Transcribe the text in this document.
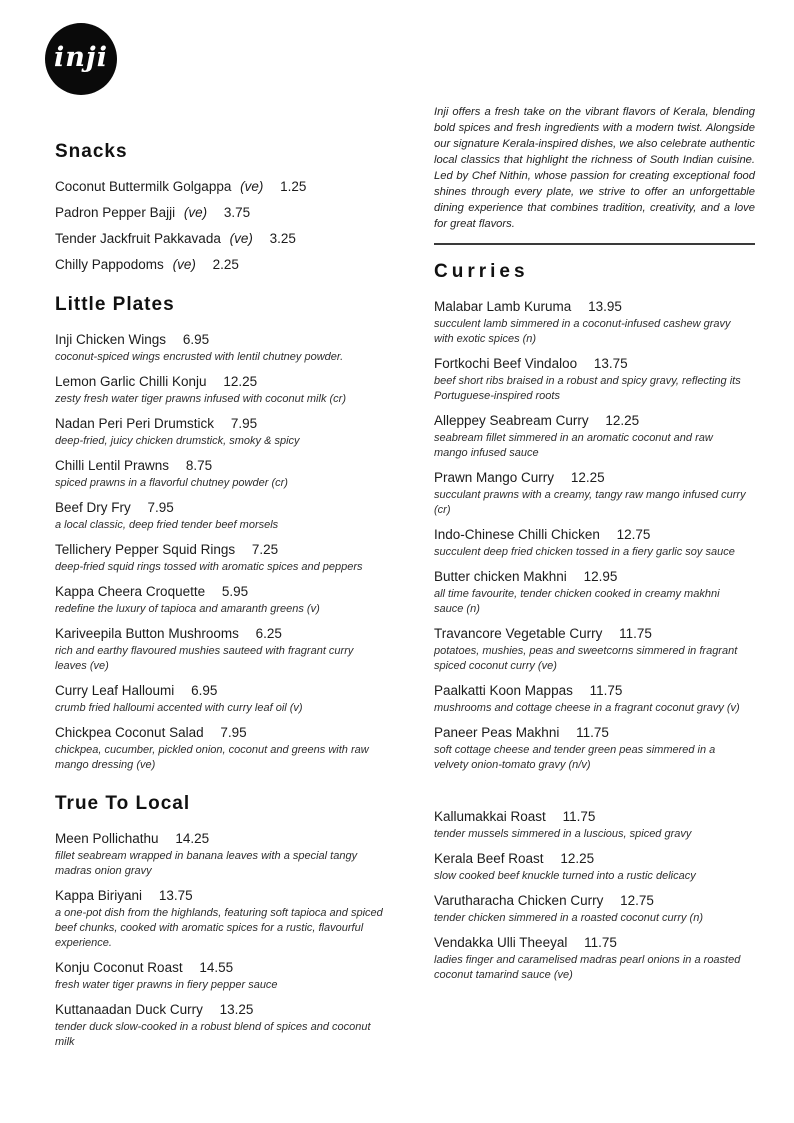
inji
Snacks
Coconut Buttermilk Golgappa (ve) 1.25
Padron Pepper Bajji (ve) 3.75
Tender Jackfruit Pakkavada (ve) 3.25
Chilly Pappodoms (ve) 2.25
Little Plates
Inji Chicken Wings 6.95
coconut-spiced wings encrusted with lentil chutney powder.
Lemon Garlic Chilli Konju 12.25
zesty fresh water tiger prawns infused with coconut milk (cr)
Nadan Peri Peri Drumstick 7.95
deep-fried, juicy chicken drumstick, smoky & spicy
Chilli Lentil Prawns 8.75
spiced prawns in a flavorful chutney powder (cr)
Beef Dry Fry 7.95
a local classic, deep fried tender beef morsels
Tellichery Pepper Squid Rings 7.25
deep-fried squid rings tossed with aromatic spices and peppers
Kappa Cheera Croquette 5.95
redefine the luxury of tapioca and amaranth greens (v)
Kariveepila Button Mushrooms 6.25
rich and earthy flavoured mushies sauteed with fragrant curry leaves (ve)
Curry Leaf Halloumi 6.95
crumb fried halloumi accented with curry leaf oil (v)
Chickpea Coconut Salad 7.95
chickpea, cucumber, pickled onion, coconut and greens with raw mango dressing (ve)
True To Local
Meen Pollichathu 14.25
fillet seabream wrapped in banana leaves with a special tangy madras onion gravy
Kappa Biriyani 13.75
a one-pot dish from the highlands, featuring soft tapioca and spiced beef chunks, cooked with aromatic spices for a rustic, flavourful experience.
Konju Coconut Roast 14.55
fresh water tiger prawns in fiery pepper sauce
Kuttanaadan Duck Curry 13.25
tender duck slow-cooked in a robust blend of spices and coconut milk

Inji offers a fresh take on the vibrant flavors of Kerala, blending bold spices and fresh ingredients with a modern twist. Alongside our signature Kerala-inspired dishes, we also celebrate authentic local classics that highlight the richness of South Indian cuisine. Led by Chef Nithin, whose passion for creating exceptional food shines through every plate, we strive to offer an unforgettable dining experience that combines tradition, creativity, and a love for great flavors.

Curries
Malabar Lamb Kuruma 13.95
succulent lamb simmered in a coconut-infused cashew gravy with exotic spices (n)
Fortkochi Beef Vindaloo 13.75
beef short ribs braised in a robust and spicy gravy, reflecting its Portuguese-inspired roots
Alleppey Seabream Curry 12.25
seabream fillet simmered in an aromatic coconut and raw mango infused sauce
Prawn Mango Curry 12.25
succulant prawns with a creamy, tangy raw mango infused curry (cr)
Indo-Chinese Chilli Chicken 12.75
succulent deep fried chicken tossed in a fiery garlic soy sauce
Butter chicken Makhni 12.95
all time favourite, tender chicken cooked in creamy makhni sauce (n)
Travancore Vegetable Curry 11.75
potatoes, mushies, peas and sweetcorns simmered in fragrant spiced coconut curry (ve)
Paalkatti Koon Mappas 11.75
mushrooms and cottage cheese in a fragrant coconut gravy (v)
Paneer Peas Makhni 11.75
soft cottage cheese and tender green peas simmered in a velvety onion-tomato gravy (n/v)
Kallumakkai Roast 11.75
tender mussels simmered in a luscious, spiced gravy
Kerala Beef Roast 12.25
slow cooked beef knuckle turned into a rustic delicacy
Varutharacha Chicken Curry 12.75
tender chicken simmered in a roasted coconut curry (n)
Vendakka Ulli Theeyal 11.75
ladies finger and caramelised madras pearl onions in a roasted coconut tamarind sauce (ve)
